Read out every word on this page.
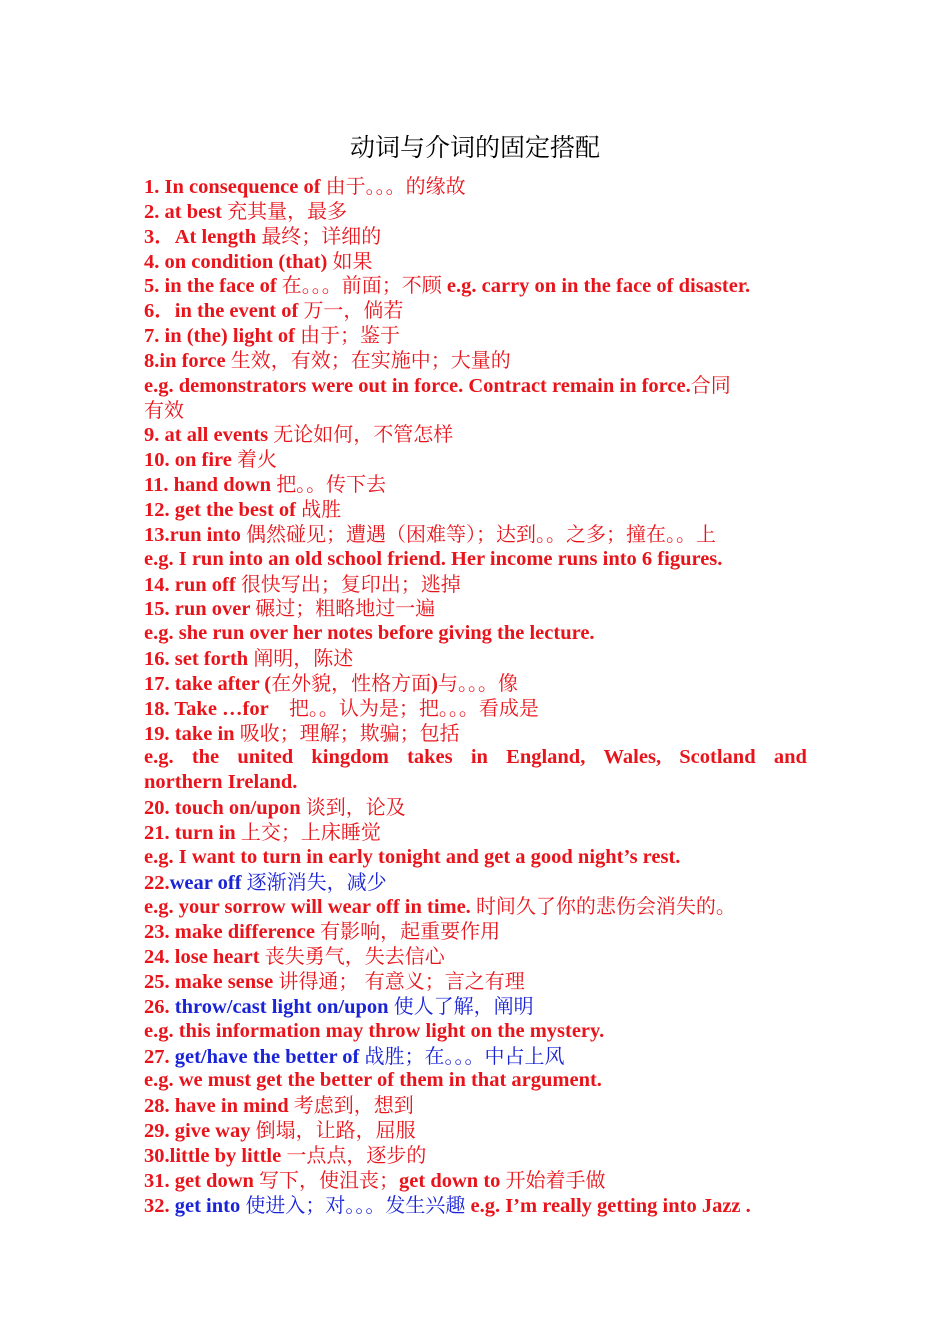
动词与介词的固定搭配
1. In consequence of 由于。。。的缘故
2. at best 充其量，最多
3．At length 最终；详细的
4. on condition (that) 如果
5. in the face of 在。。。前面；不顾 e.g. carry on in the face of disaster.
6．in the event of 万一，倘若
7. in (the) light of 由于；鉴于
8.in force 生效，有效；在实施中；大量的
e.g. demonstrators were out in force. Contract remain in force.合同
有效
9. at all events 无论如何，不管怎样
10. on fire 着火
11. hand down 把。。传下去
12. get the best of 战胜
13.run into 偶然碰见；遭遇（困难等）；达到。。之多；撞在。。上
e.g. I run into an old school friend. Her income runs into 6 figures.
14. run off 很快写出；复印出；逃掉
15. run over 碾过；粗略地过一遍
e.g. she run over her notes before giving the lecture.
16. set forth 阐明，陈述
17. take after (在外貌，性格方面)与。。。像
18. Take …for    把。。认为是；把。。。看成是
19. take in 吸收；理解；欺骗；包括
e.g. the united kingdom takes in England, Wales, Scotland and
northern Ireland.
20. touch on/upon 谈到，论及
21. turn in 上交；上床睡觉
e.g. I want to turn in early tonight and get a good night’s rest.
22.wear off 逐渐消失，减少
e.g. your sorrow will wear off in time. 时间久了你的悲伤会消失的。
23. make difference 有影响，起重要作用
24. lose heart 丧失勇气，失去信心
25. make sense 讲得通； 有意义；言之有理
26. throw/cast light on/upon 使人了解，阐明
e.g. this information may throw light on the mystery.
27. get/have the better of 战胜；在。。。中占上风
e.g. we must get the better of them in that argument.
28. have in mind 考虑到，想到
29. give way 倒塌，让路，屈服
30.little by little 一点点，逐步的
31. get down 写下，使沮丧；get down to 开始着手做
32. get into 使进入；对。。。发生兴趣 e.g. I’m really getting into Jazz .
